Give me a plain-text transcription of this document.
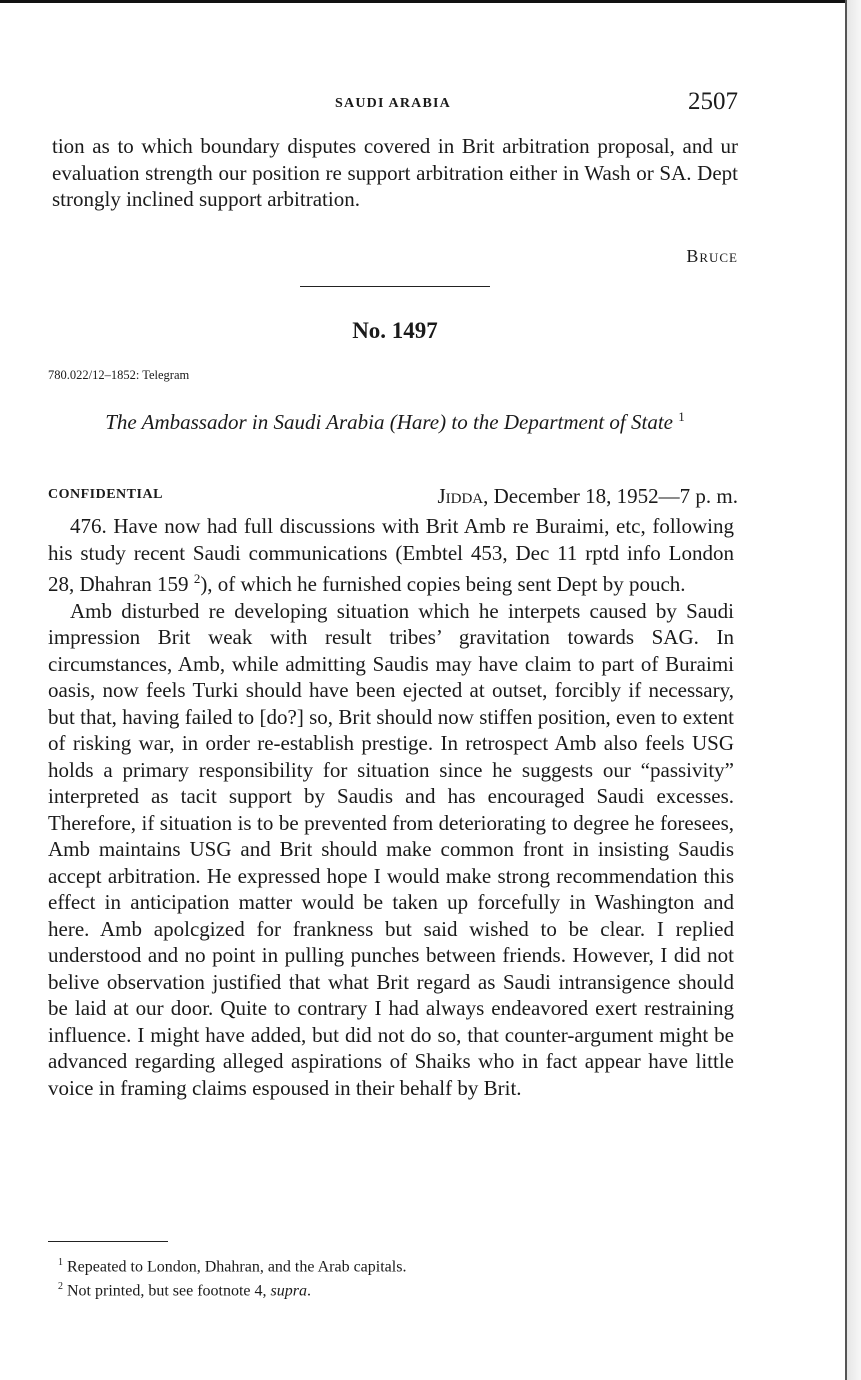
SAUDI ARABIA	2507

tion as to which boundary disputes covered in Brit arbitration proposal, and ur evaluation strength our position re support arbitration either in Wash or SA. Dept strongly inclined support arbitration.

Bruce
No. 1497
780.022/12–1852: Telegram
The Ambassador in Saudi Arabia (Hare) to the Department of State $^1$
CONFIDENTIAL	Jidda, December 18, 1952—7 p. m.

476. Have now had full discussions with Brit Amb re Buraimi, etc, following his study recent Saudi communications (Embtel 453, Dec 11 rptd info London 28, Dhahran 159 $^2$), of which he furnished copies being sent Dept by pouch.

Amb disturbed re developing situation which he interpets caused by Saudi impression Brit weak with result tribes’ gravitation towards SAG. In circumstances, Amb, while admitting Saudis may have claim to part of Buraimi oasis, now feels Turki should have been ejected at outset, forcibly if necessary, but that, having failed to [do?] so, Brit should now stiffen position, even to extent of risking war, in order re-establish prestige. In retrospect Amb also feels USG holds a primary responsibility for situation since he suggests our “passivity” interpreted as tacit support by Saudis and has encouraged Saudi excesses. Therefore, if situation is to be prevented from deteriorating to degree he foresees, Amb maintains USG and Brit should make common front in insisting Saudis accept arbitration. He expressed hope I would make strong recommendation this effect in anticipation matter would be taken up forcefully in Washington and here. Amb apolcgized for frankness but said wished to be clear. I replied understood and no point in pulling punches between friends. However, I did not belive observation justified that what Brit regard as Saudi intransigence should be laid at our door. Quite to contrary I had always endeavored exert restraining influence. I might have added, but did not do so, that counter-argument might be advanced regarding alleged aspirations of Shaiks who in fact appear have little voice in framing claims espoused in their behalf by Brit.

$^1$ Repeated to London, Dhahran, and the Arab capitals.

$^2$ Not printed, but see footnote 4, supra.
